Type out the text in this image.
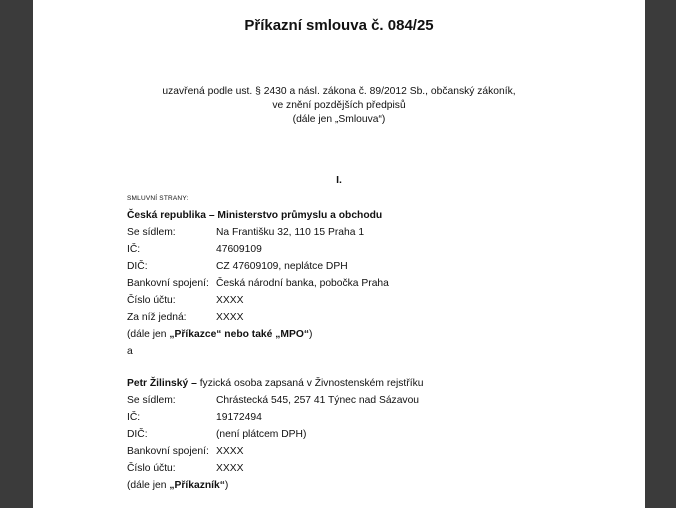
Příkazní smlouva č. 084/25
uzavřená podle ust. § 2430 a násl. zákona č. 89/2012 Sb., občanský zákoník,
ve znění pozdějších předpisů
(dále jen „Smlouva“)
I.
SMLUVNÍ STRANY:
Česká republika – Ministerstvo průmyslu a obchodu
Se sídlem:	Na Františku 32, 110 15 Praha 1
IČ:	47609109
DIČ:	CZ 47609109, neplátce DPH
Bankovní spojení: Česká národní banka, pobočka Praha
Číslo účtu:	XXXX
Za níž jedná:	XXXX
(dále jen „Příkazce“ nebo také „MPO“)
a
Petr Žilinský – fyzická osoba zapsaná v Živnostenském rejstříku
Se sídlem:	Chrástecká 545, 257 41 Týnec nad Sázavou
IČ:	19172494
DIČ:	(není plátcem DPH)
Bankovní spojení: XXXX
Číslo účtu:	XXXX
(dále jen „Příkazník“)
